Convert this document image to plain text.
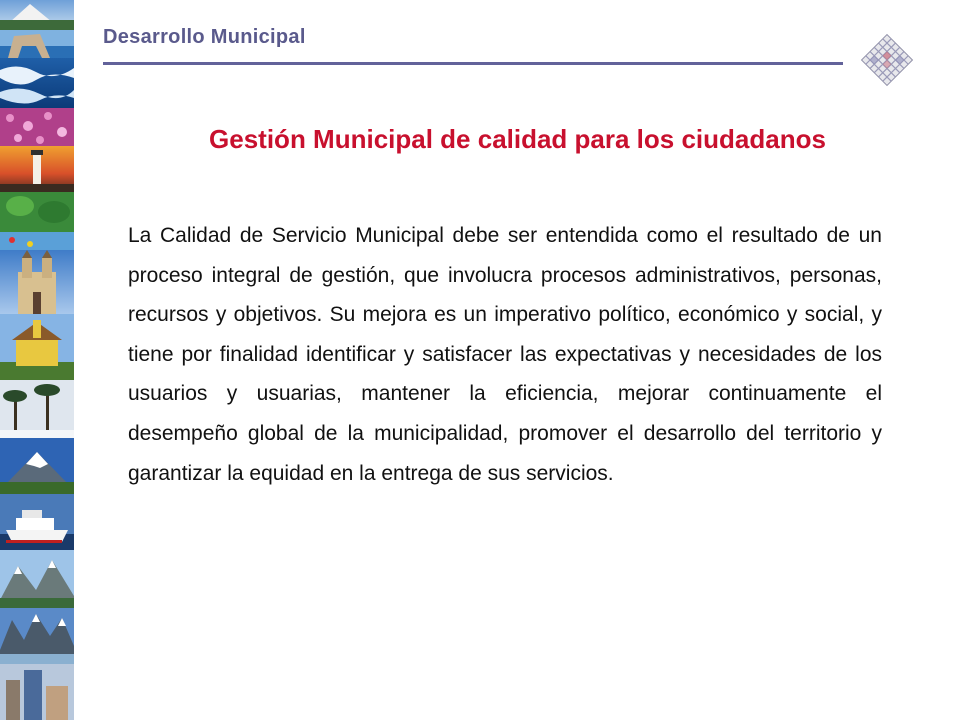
Desarrollo Municipal
Gestión Municipal de calidad para los ciudadanos
La Calidad de Servicio Municipal debe ser entendida como el resultado de un proceso integral de gestión, que involucra procesos administrativos, personas, recursos y objetivos. Su mejora es un imperativo político, económico y social, y tiene por finalidad identificar y satisfacer las expectativas y necesidades de los usuarios y usuarias, mantener la eficiencia, mejorar continuamente el desempeño global de la municipalidad, promover el desarrollo del territorio y garantizar la equidad en la entrega de sus servicios.
